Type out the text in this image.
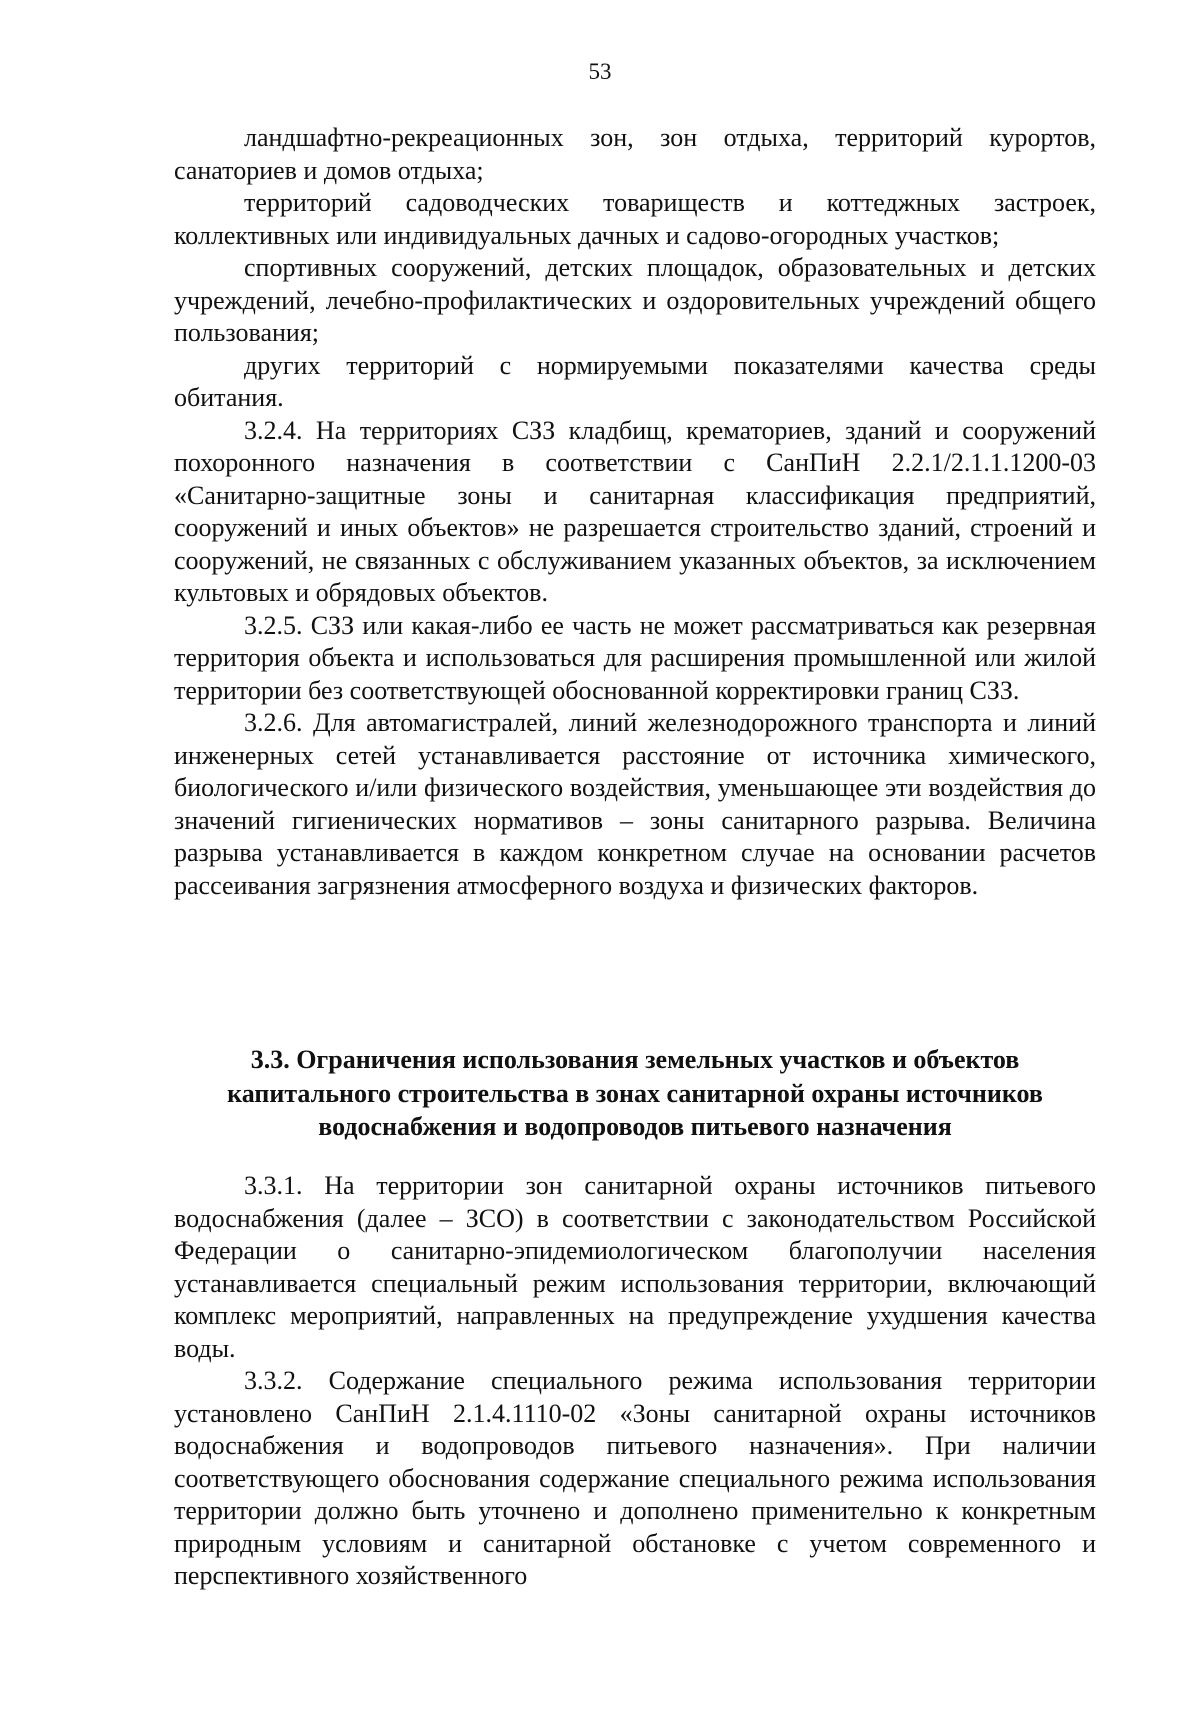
53

ландшафтно-рекреационных зон, зон отдыха, территорий курортов, санаториев и домов отдыха;

территорий садоводческих товариществ и коттеджных застроек, коллективных или индивидуальных дачных и садово-огородных участков;

спортивных сооружений, детских площадок, образовательных и детских учреждений, лечебно-профилактических и оздоровительных учреждений общего пользования;

других территорий с нормируемыми показателями качества среды обитания.

3.2.4. На территориях СЗЗ кладбищ, крематориев, зданий и сооружений похоронного назначения в соответствии с СанПиН 2.2.1/2.1.1.1200-03 «Санитарно-защитные зоны и санитарная классификация предприятий, сооружений и иных объектов» не разрешается строительство зданий, строений и сооружений, не связанных с обслуживанием указанных объектов, за исключением культовых и обрядовых объектов.

3.2.5. СЗЗ или какая-либо ее часть не может рассматриваться как резервная территория объекта и использоваться для расширения промышленной или жилой территории без соответствующей обоснованной корректировки границ СЗЗ.

3.2.6. Для автомагистралей, линий железнодорожного транспорта и линий инженерных сетей устанавливается расстояние от источника химического, биологического и/или физического воздействия, уменьшающее эти воздействия до значений гигиенических нормативов – зоны санитарного разрыва. Величина разрыва устанавливается в каждом конкретном случае на основании расчетов рассеивания загрязнения атмосферного воздуха и физических факторов.

3.3. Ограничения использования земельных участков и объектов
капитального строительства в зонах санитарной охраны источников
водоснабжения и водопроводов питьевого назначения

3.3.1. На территории зон санитарной охраны источников питьевого водоснабжения (далее – ЗСО) в соответствии с законодательством Российской Федерации о санитарно-эпидемиологическом благополучии населения устанавливается специальный режим использования территории, включающий комплекс мероприятий, направленных на предупреждение ухудшения качества воды.

3.3.2. Содержание специального режима использования территории установлено СанПиН 2.1.4.1110-02 «Зоны санитарной охраны источников водоснабжения и водопроводов питьевого назначения». При наличии соответствующего обоснования содержание специального режима использования территории должно быть уточнено и дополнено применительно к конкретным природным условиям и санитарной обстановке с учетом современного и перспективного хозяйственного
